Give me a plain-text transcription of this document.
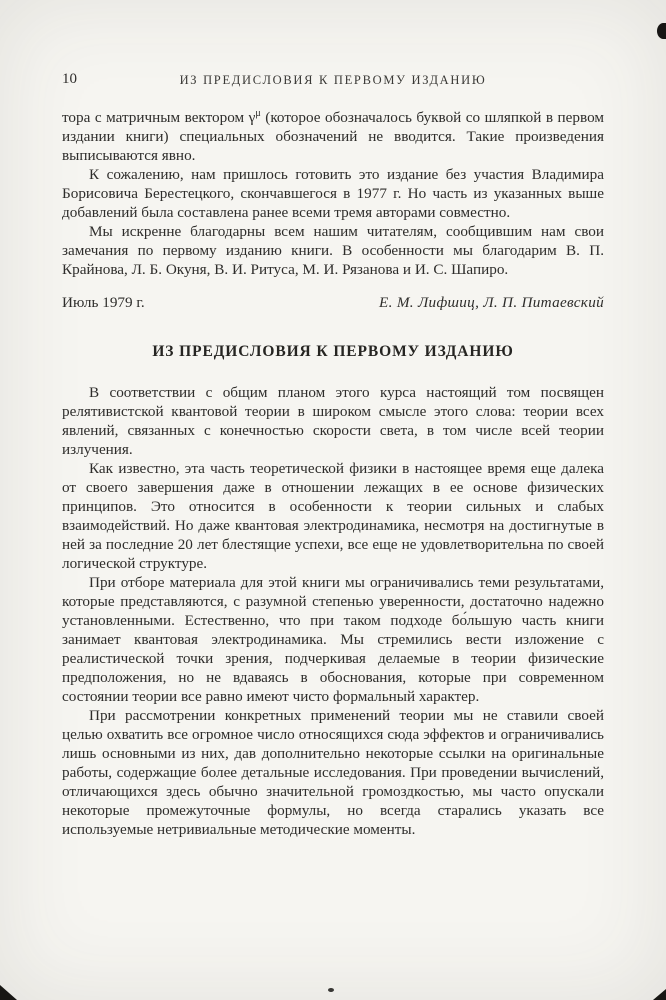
10	ИЗ ПРЕДИСЛОВИЯ К ПЕРВОМУ ИЗДАНИЮ

тора с матричным вектором $\gamma^\mu$ (которое обозначалось буквой со шляпкой в первом издании книги) специальных обозначений не вводится. Такие произведения выписываются явно.

К сожалению, нам пришлось готовить это издание без участия Владимира Борисовича Берестецкого, скончавшегося в 1977 г. Но часть из указанных выше добавлений была составлена ранее всеми тремя авторами совместно.

Мы искренне благодарны всем нашим читателям, сообщившим нам свои замечания по первому изданию книги. В особенности мы благодарим В. П. Крайнова, Л. Б. Окуня, В. И. Ритуса, М. И. Рязанова и И. С. Шапиро.

Июль 1979 г.	Е. М. Лифшиц, Л. П. Питаевский
ИЗ ПРЕДИСЛОВИЯ К ПЕРВОМУ ИЗДАНИЮ

В соответствии с общим планом этого курса настоящий том посвящен релятивистской квантовой теории в широком смысле этого слова: теории всех явлений, связанных с конечностью скорости света, в том числе всей теории излучения.

Как известно, эта часть теоретической физики в настоящее время еще далека от своего завершения даже в отношении лежащих в ее основе физических принципов. Это относится в особенности к теории сильных и слабых взаимодействий. Но даже квантовая электродинамика, несмотря на достигнутые в ней за последние 20 лет блестящие успехи, все еще не удовлетворительна по своей логической структуре.

При отборе материала для этой книги мы ограничивались теми результатами, которые представляются, с разумной степенью уверенности, достаточно надежно установленными. Естественно, что при таком подходе бо́льшую часть книги занимает квантовая электродинамика. Мы стремились вести изложение с реалистической точки зрения, подчеркивая делаемые в теории физические предположения, но не вдаваясь в обоснования, которые при современном состоянии теории все равно имеют чисто формальный характер.

При рассмотрении конкретных применений теории мы не ставили своей целью охватить все огромное число относящихся сюда эффектов и ограничивались лишь основными из них, дав дополнительно некоторые ссылки на оригинальные работы, содержащие более детальные исследования. При проведении вычислений, отличающихся здесь обычно значительной громоздкостью, мы часто опускали некоторые промежуточные формулы, но всегда старались указать все используемые нетривиальные методические моменты.
